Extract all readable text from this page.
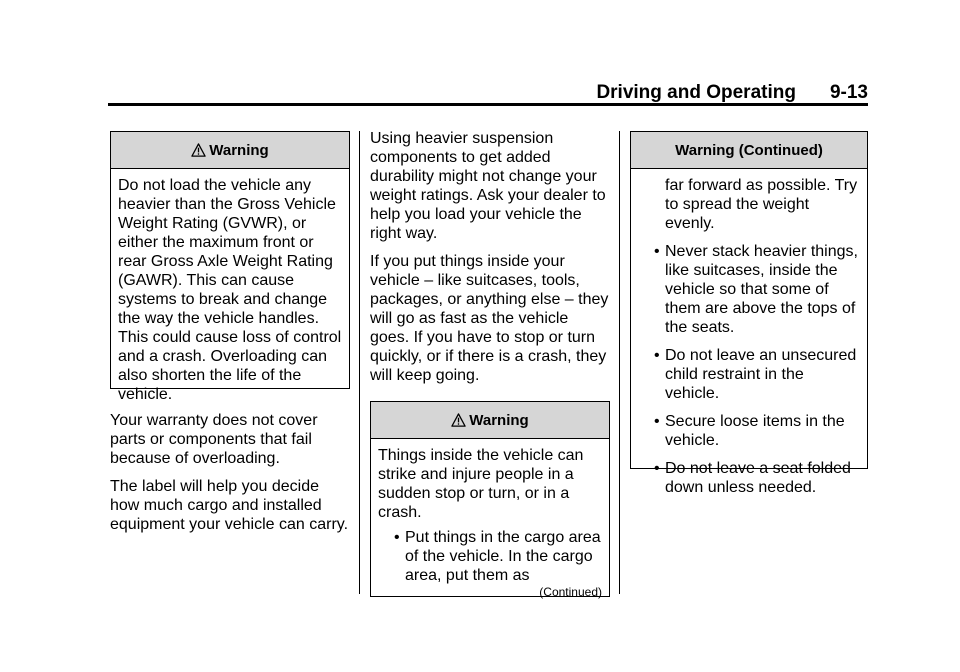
Driving and Operating 9-13
Warning

Do not load the vehicle any heavier than the Gross Vehicle Weight Rating (GVWR), or either the maximum front or rear Gross Axle Weight Rating (GAWR). This can cause systems to break and change the way the vehicle handles. This could cause loss of control and a crash. Overloading can also shorten the life of the vehicle.

Your warranty does not cover parts or components that fail because of overloading.

The label will help you decide how much cargo and installed equipment your vehicle can carry.

Using heavier suspension components to get added durability might not change your weight ratings. Ask your dealer to help you load your vehicle the right way.

If you put things inside your vehicle – like suitcases, tools, packages, or anything else – they will go as fast as the vehicle goes. If you have to stop or turn quickly, or if there is a crash, they will keep going.

Warning

Things inside the vehicle can strike and injure people in a sudden stop or turn, or in a crash.

• Put things in the cargo area of the vehicle. In the cargo area, put them as
(Continued)
Warning (Continued)
far forward as possible. Try to spread the weight evenly.
• Never stack heavier things, like suitcases, inside the vehicle so that some of them are above the tops of the seats.
• Do not leave an unsecured child restraint in the vehicle.
• Secure loose items in the vehicle.
• Do not leave a seat folded down unless needed.
